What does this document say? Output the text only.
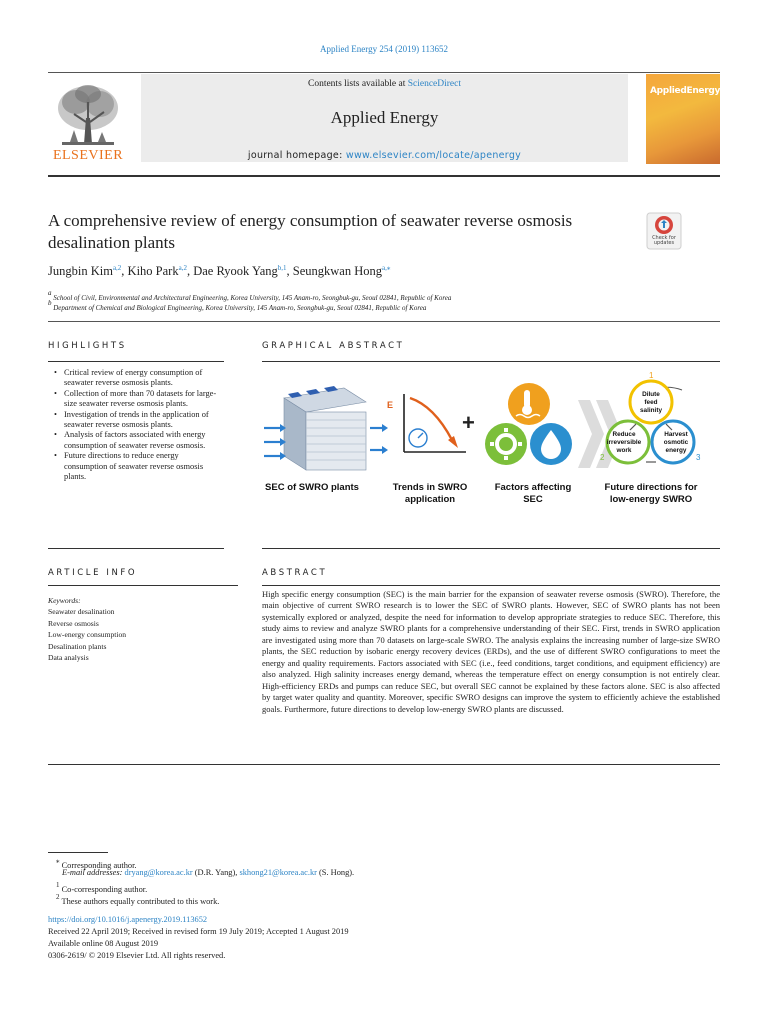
Applied Energy 254 (2019) 113652
Contents lists available at ScienceDirect
Applied Energy
journal homepage: www.elsevier.com/locate/apenergy
ELSEVIER
AppliedEnergy
A comprehensive review of energy consumption of seawater reverse osmosis desalination plants	Check for updates
Jungbin Kim$^{a,2}$, Kiho Park$^{a,2}$, Dae Ryook Yang$^{b,1}$, Seungkwan Hong$^{a,⁎}$
a School of Civil, Environmental and Architectural Engineering, Korea University, 145 Anam-ro, Seongbuk-gu, Seoul 02841, Republic of Korea
b Department of Chemical and Biological Engineering, Korea University, 145 Anam-ro, Seongbuk-gu, Seoul 02841, Republic of Korea
HIGHLIGHTS
• Critical review of energy consumption of seawater reverse osmosis plants.
• Collection of more than 70 datasets for large-size seawater reverse osmosis plants.
• Investigation of trends in the application of seawater reverse osmosis plants.
• Analysis of factors associated with energy consumption of seawater reverse osmosis.
• Future directions to reduce energy consumption of seawater reverse osmosis plants.
GRAPHICAL ABSTRACT
E
+
1
2	3
Dilute feed salinity
Reduce irreversible work
Harvest osmotic energy
SEC of SWRO plants	Trends in SWRO application
Factors affecting SEC
Future directions for low-energy SWRO
ARTICLE INFO
Keywords:
Seawater desalination
Reverse osmosis
Low-energy consumption
Desalination plants
Data analysis
ABSTRACT

High specific energy consumption (SEC) is the main barrier for the expansion of seawater reverse osmosis (SWRO). Therefore, the main objective of current SWRO research is to lower the SEC of SWRO plants. However, SEC of SWRO plants has not been systemically explored or analyzed, despite the need for information to develop appropriate strategies to reduce SEC. Therefore, this study aims to review and analyze SWRO plants for a comprehensive understanding of their SEC. First, trends in SWRO application are investigated using more than 70 datasets on large-scale SWRO. The analysis explains the increasing number of large-size SWRO plants, the SEC reduction by isobaric energy recovery devices (ERDs), and the use of different SWRO configurations to meet the energy and quality requirements. Factors associated with SEC (i.e., feed conditions, target conditions, and equipment efficiency) are also analyzed. High salinity increases energy demand, whereas the temperature effect on energy consumption is not entirely clear. High-efficiency ERDs and pumps can reduce SEC, but overall SEC cannot be explained by these factors alone. SEC is also affected by target water quality and quantity. Moreover, specific SWRO designs can improve the system to efficiently achieve the established goals. Furthermore, future directions to develop low-energy SWRO plants are discussed.

⁎ Corresponding author.
E-mail addresses: dryang@korea.ac.kr (D.R. Yang), skhong21@korea.ac.kr (S. Hong).
$^1$ Co-corresponding author.
$^2$ These authors equally contributed to this work.
https://doi.org/10.1016/j.apenergy.2019.113652
Received 22 April 2019; Received in revised form 19 July 2019; Accepted 1 August 2019
Available online 08 August 2019
0306-2619/ © 2019 Elsevier Ltd. All rights reserved.
